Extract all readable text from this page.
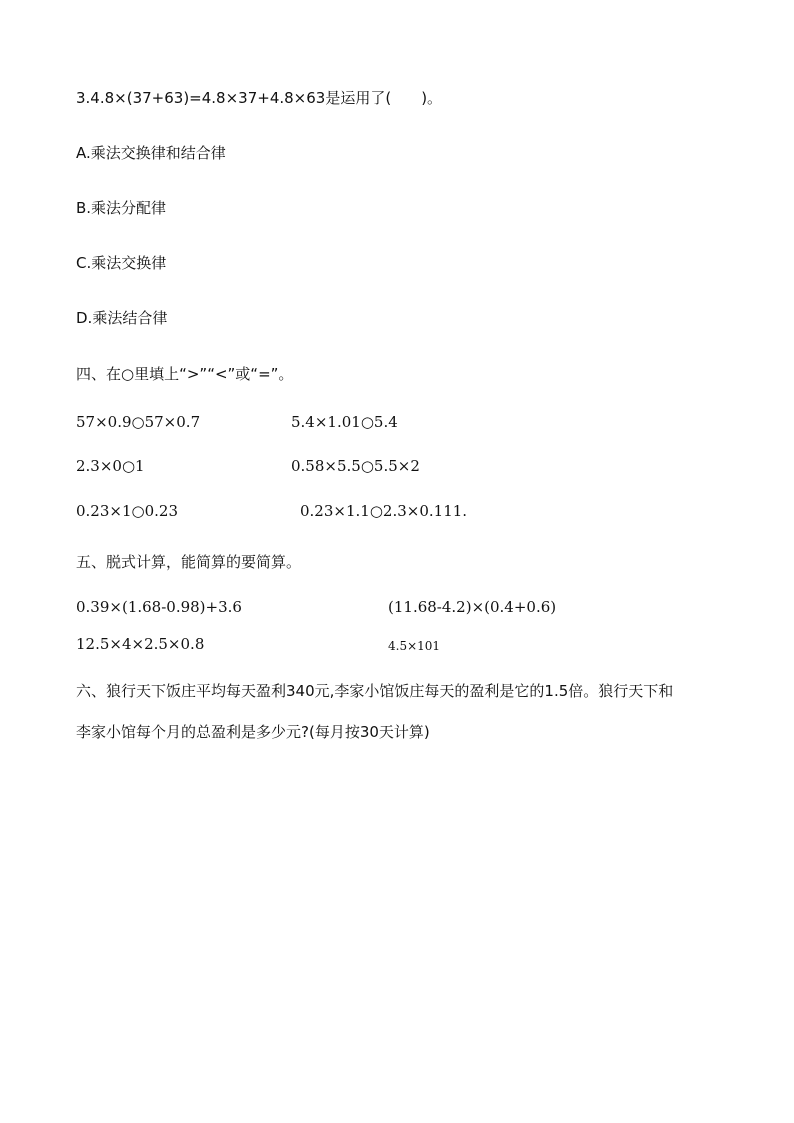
3.4.8×(37+63)=4.8×37+4.8×63是运用了(　　)。
A.乘法交换律和结合律
B.乘法分配律
C.乘法交换律
D.乘法结合律
四、在○里填上“>”“<”或“=”。
57×0.9○57×0.7	5.4×1.01○5.4
2.3×0○1	0.58×5.5○5.5×2
0.23×1○0.23	0.23×1.1○2.3×0.111.
五、脱式计算，能简算的要简算。
0.39×(1.68-0.98)+3.6	(11.68-4.2)×(0.4+0.6)
12.5×4×2.5×0.8	4.5×101
六、狼行天下饭庄平均每天盈利340元,李家小馆饭庄每天的盈利是它的1.5倍。狼行天下和
李家小馆每个月的总盈利是多少元?(每月按30天计算)
